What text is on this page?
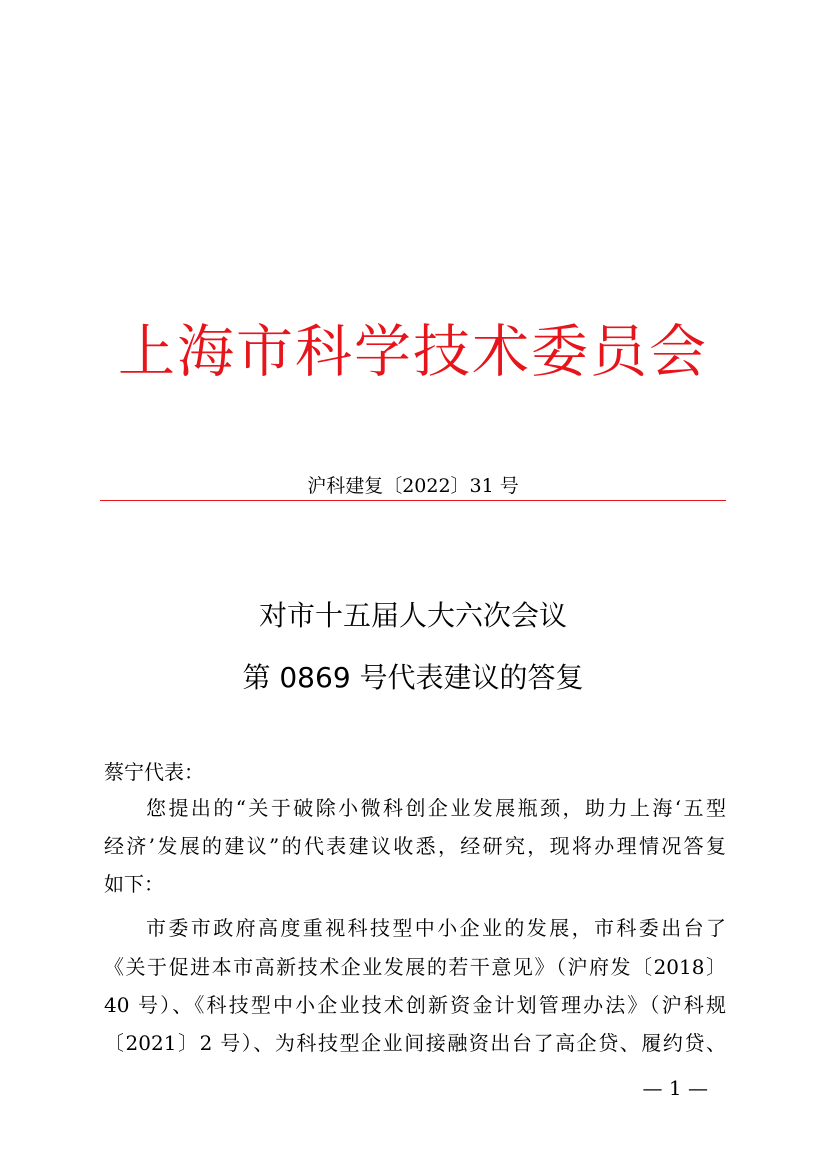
上海市科学技术委员会
沪科建复〔2022〕31 号
对市十五届人大六次会议
第 0869 号代表建议的答复
蔡宁代表：
您提出的“关于破除小微科创企业发展瓶颈，助力上海‘五型
经济’发展的建议”的代表建议收悉，经研究，现将办理情况答复
如下：
市委市政府高度重视科技型中小企业的发展，市科委出台了
《关于促进本市高新技术企业发展的若干意见》（沪府发〔2018〕
40 号）、《科技型中小企业技术创新资金计划管理办法》（沪科规
〔2021〕2 号）、为科技型企业间接融资出台了高企贷、履约贷、
— 1 —
